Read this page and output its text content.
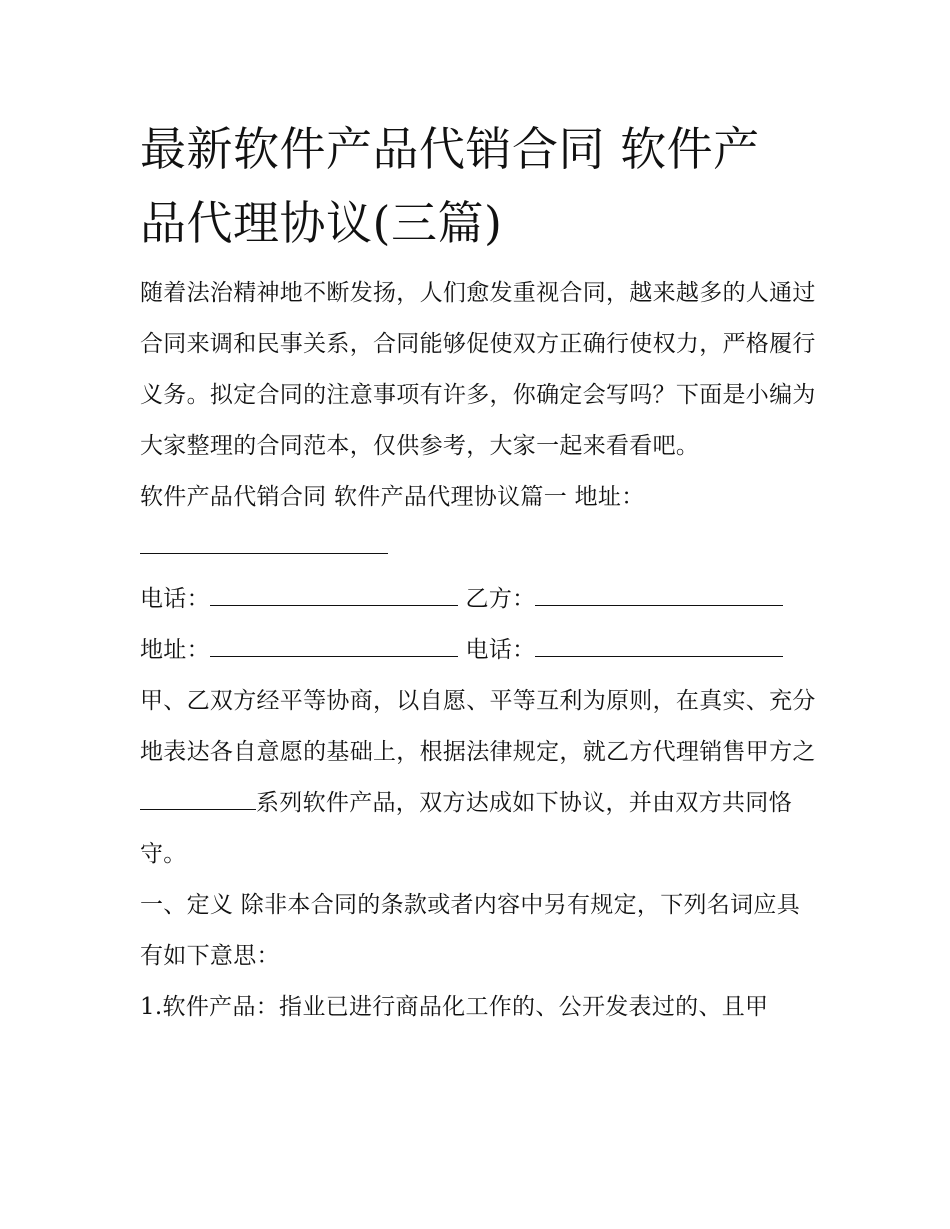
最新软件产品代销合同 软件产
品代理协议(三篇)

随着法治精神地不断发扬，人们愈发重视合同，越来越多的人通过合同来调和民事关系，合同能够促使双方正确行使权力，严格履行义务。拟定合同的注意事项有许多，你确定会写吗？下面是小编为大家整理的合同范本，仅供参考，大家一起来看看吧。

软件产品代销合同 软件产品代理协议篇一 地址：

电话：	乙方：

地址：	电话：

甲、乙双方经平等协商，以自愿、平等互利为原则，在真实、充分地表达各自意愿的基础上，根据法律规定，就乙方代理销售甲方之系列软件产品，双方达成如下协议，并由双方共同恪守。

一、定义 除非本合同的条款或者内容中另有规定，下列名词应具有如下意思：

1.软件产品：指业已进行商品化工作的、公开发表过的、且甲
